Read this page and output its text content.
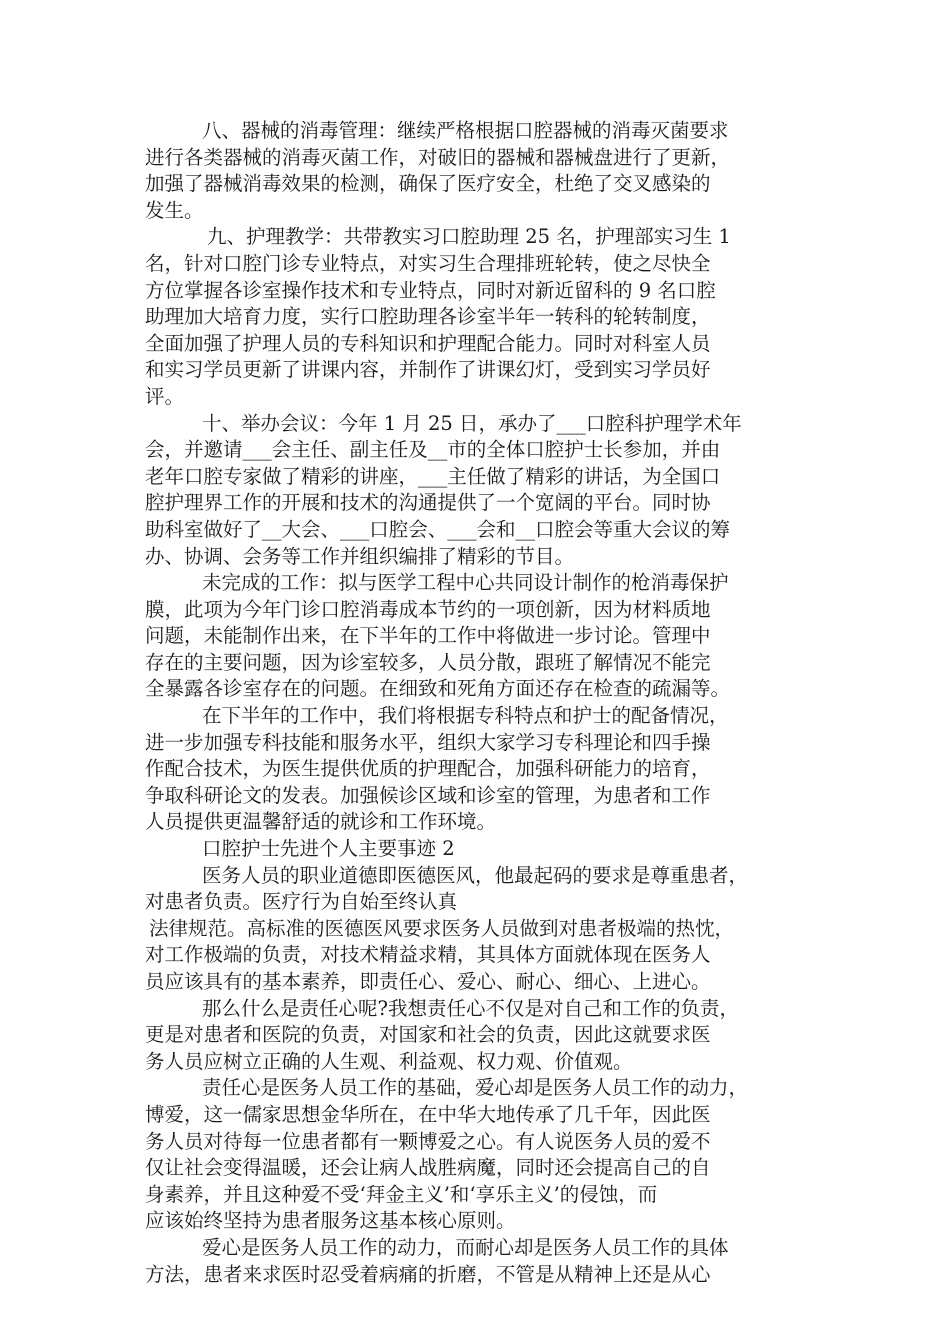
八、器械的消毒管理：继续严格根据口腔器械的消毒灭菌要求
进行各类器械的消毒灭菌工作，对破旧的器械和器械盘进行了更新，
加强了器械消毒效果的检测，确保了医疗安全，杜绝了交叉感染的
发生。
九、护理教学：共带教实习口腔助理 25 名，护理部实习生 1
名，针对口腔门诊专业特点，对实习生合理排班轮转，使之尽快全
方位掌握各诊室操作技术和专业特点，同时对新近留科的 9 名口腔
助理加大培育力度，实行口腔助理各诊室半年一转科的轮转制度，
全面加强了护理人员的专科知识和护理配合能力。同时对科室人员
和实习学员更新了讲课内容，并制作了讲课幻灯，受到实习学员好
评。
十、举办会议：今年 1 月 25 日，承办了___口腔科护理学术年
会，并邀请___会主任、副主任及__市的全体口腔护士长参加，并由
老年口腔专家做了精彩的讲座，___主任做了精彩的讲话，为全国口
腔护理界工作的开展和技术的沟通提供了一个宽阔的平台。同时协
助科室做好了__大会、___口腔会、___会和__口腔会等重大会议的筹
办、协调、会务等工作并组织编排了精彩的节目。
未完成的工作：拟与医学工程中心共同设计制作的枪消毒保护
膜，此项为今年门诊口腔消毒成本节约的一项创新，因为材料质地
问题，未能制作出来，在下半年的工作中将做进一步讨论。管理中
存在的主要问题，因为诊室较多，人员分散，跟班了解情况不能完
全暴露各诊室存在的问题。在细致和死角方面还存在检查的疏漏等。
在下半年的工作中，我们将根据专科特点和护士的配备情况，
进一步加强专科技能和服务水平，组织大家学习专科理论和四手操
作配合技术，为医生提供优质的护理配合，加强科研能力的培育，
争取科研论文的发表。加强候诊区域和诊室的管理，为患者和工作
人员提供更温馨舒适的就诊和工作环境。
口腔护士先进个人主要事迹 2
医务人员的职业道德即医德医风，他最起码的要求是尊重患者，
对患者负责。医疗行为自始至终认真
法律规范。高标准的医德医风要求医务人员做到对患者极端的热忱，
对工作极端的负责，对技术精益求精，其具体方面就体现在医务人
员应该具有的基本素养，即责任心、爱心、耐心、细心、上进心。
那么什么是责任心呢?我想责任心不仅是对自己和工作的负责，
更是对患者和医院的负责，对国家和社会的负责，因此这就要求医
务人员应树立正确的人生观、利益观、权力观、价值观。
责任心是医务人员工作的基础，爱心却是医务人员工作的动力，
博爱，这一儒家思想金华所在，在中华大地传承了几千年，因此医
务人员对待每一位患者都有一颗博爱之心。有人说医务人员的爱不
仅让社会变得温暖，还会让病人战胜病魔，同时还会提高自己的自
身素养，并且这种爱不受‘拜金主义’和‘享乐主义’的侵蚀，而
应该始终坚持为患者服务这基本核心原则。
爱心是医务人员工作的动力，而耐心却是医务人员工作的具体
方法，患者来求医时忍受着病痛的折磨，不管是从精神上还是从心
